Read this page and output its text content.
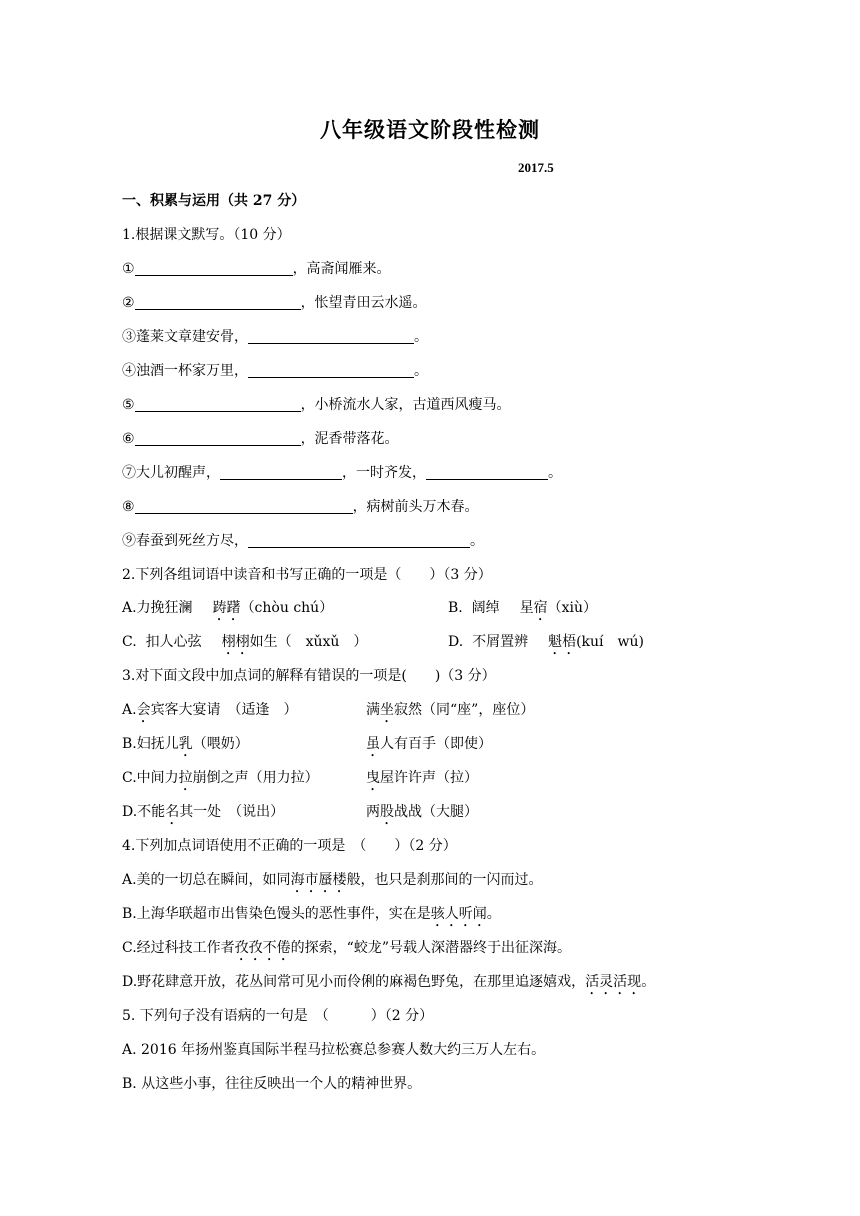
八年级语文阶段性检测
2017.5
一、积累与运用（共 27 分）
1.根据课文默写。（10 分）
①	，高斋闻雁来。
②	，怅望青田云水遥。
③蓬莱文章建安骨，	。
④浊酒一杯家万里，	。
⑤	，小桥流水人家，古道西风瘦马。
⑥	，泥香带落花。
⑦大儿初醒声，	，一时齐发，	。
⑧	，病树前头万木春。
⑨春蚕到死丝方尽，	。
2.下列各组词语中读音和书写正确的一项是（　　）（3 分）
A.力挽狂澜 踌躇（chòu chú）	B. 阔绰 星宿（xiù）
C. 扣人心弦 栩栩如生（　xǔxǔ　）	D. 不屑置辨 魁梧(kuí　wú)
3.对下面文段中加点词的解释有错误的一项是(　　)（3 分）
A.会宾客大宴请　（适逢　）	满坐寂然（同“座”，座位）
B.妇抚儿乳（喂奶）	虽人有百手（即使）
C.中间力拉崩倒之声（用力拉）	曳屋许许声（拉）
D.不能名其一处　（说出）	两股战战（大腿）
4.下列加点词语使用不正确的一项是　（　　）（2 分）
A.美的一切总在瞬间，如同海市蜃楼般，也只是刹那间的一闪而过。
B.上海华联超市出售染色馒头的恶性事件，实在是骇人听闻。
C.经过科技工作者孜孜不倦的探索，“蛟龙”号载人深潜器终于出征深海。
D.野花肆意开放，花丛间常可见小而伶俐的麻褐色野兔，在那里追逐嬉戏，活灵活现。
5. 下列句子没有语病的一句是　（　　　）（2 分）
A. 2016 年扬州鉴真国际半程马拉松赛总参赛人数大约三万人左右。
B. 从这些小事，往往反映出一个人的精神世界。
